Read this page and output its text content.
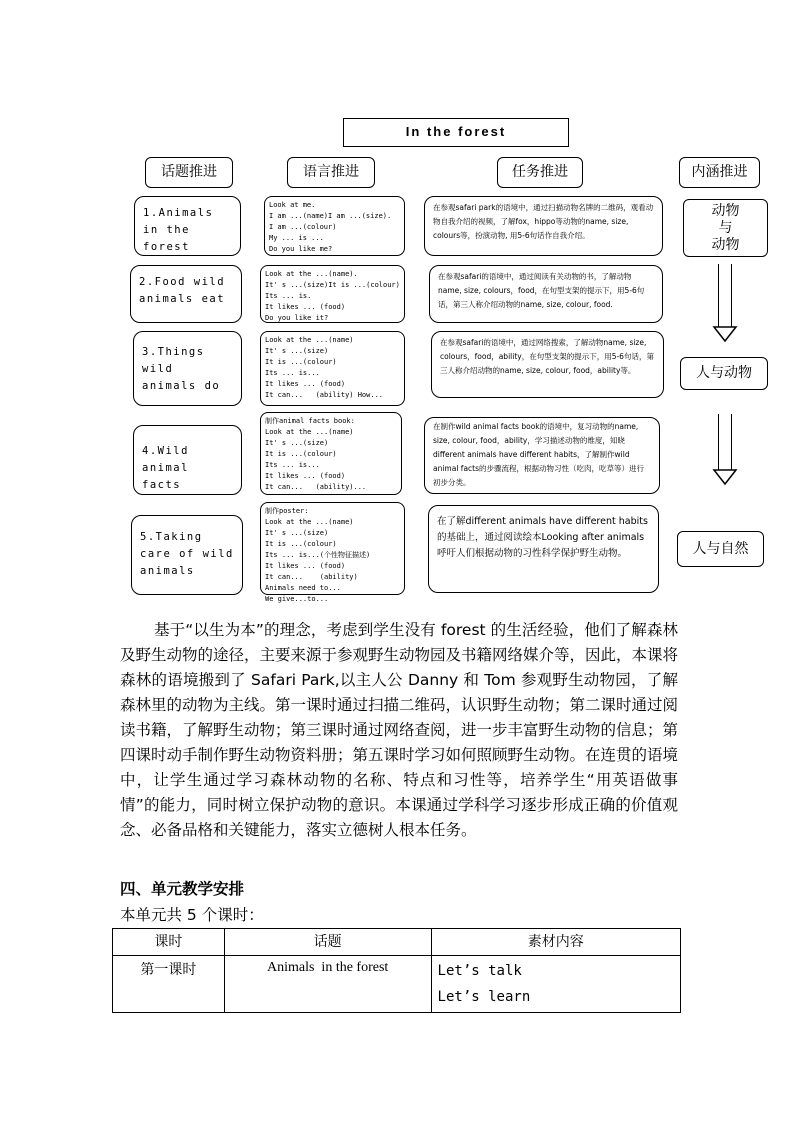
In the forest
话题推进	语言推进	任务推进	内涵推进
1.Animals in the forest
Look at me.
I am ...(name)I am ...(size).
I am ...(colour)
My ... is ...
Do you like me?
在参观safari park的语境中，通过扫描动物名牌的二维码，观看动物自我介绍的视频，了解fox，hippo等动物的name, size, colours等，扮演动物, 用5-6句话作自我介绍。
2.Food wild animals eat
Look at the ...(name).
It' s ...(size)It is ...(colour)
Its ... is.
It likes ... (food)
Do you like it?
在参观safari的语境中，通过阅读有关动物的书，了解动物name, size, colours，food，在句型支架的提示下，用5-6句话，第三人称介绍动物的name, size, colour, food.
3.Things wild animals do
Look at the ...(name)
It' s ...(size)
It is ...(colour)
Its ... is...
It likes ... (food)
It can...   (ability) How...
在参观safari的语境中，通过网络搜索，了解动物name, size, colours，food，ability，在句型支架的提示下，用5-6句话，第三人称介绍动物的name, size, colour, food，ability等。
4.Wild animal facts
制作animal facts book:
Look at the ...(name)
It' s ...(size)
It is ...(colour)
Its ... is...
It likes ... (food)
It can...   (ability)...
在制作wild animal facts book的语境中，复习动物的name, size, colour, food，ability，学习描述动物的维度，知晓different animals have different habits，了解制作wild animal facts的步骤流程，根据动物习性（吃肉，吃草等）进行初步分类。
5.Taking care of wild animals
制作poster:
Look at the ...(name)
It' s ...(size)
It is ...(colour)
Its ... is...(个性物征描述)
It likes ... (food)
It can...    (ability)
Animals need to...
We give...to...
在了解different animals have different habits的基础上，通过阅读绘本Looking after animals呼吁人们根据动物的习性科学保护野生动物。
动物
与
动物
人与动物
人与自然
基于“以生为本”的理念，考虑到学生没有 forest 的生活经验，他们了解森林及野生动物的途径，主要来源于参观野生动物园及书籍网络媒介等，因此，本课将森林的语境搬到了 Safari Park,以主人公 Danny 和 Tom 参观野生动物园，了解森林里的动物为主线。第一课时通过扫描二维码，认识野生动物；第二课时通过阅读书籍，了解野生动物；第三课时通过网络查阅，进一步丰富野生动物的信息；第四课时动手制作野生动物资料册；第五课时学习如何照顾野生动物。在连贯的语境中，让学生通过学习森林动物的名称、特点和习性等，培养学生“用英语做事情”的能力，同时树立保护动物的意识。本课通过学科学习逐步形成正确的价值观念、必备品格和关键能力，落实立德树人根本任务。
四、单元教学安排
本单元共 5 个课时：
课时	话题	素材内容
第一课时	Animals  in the forest	Let’s talk
Let’s learn
